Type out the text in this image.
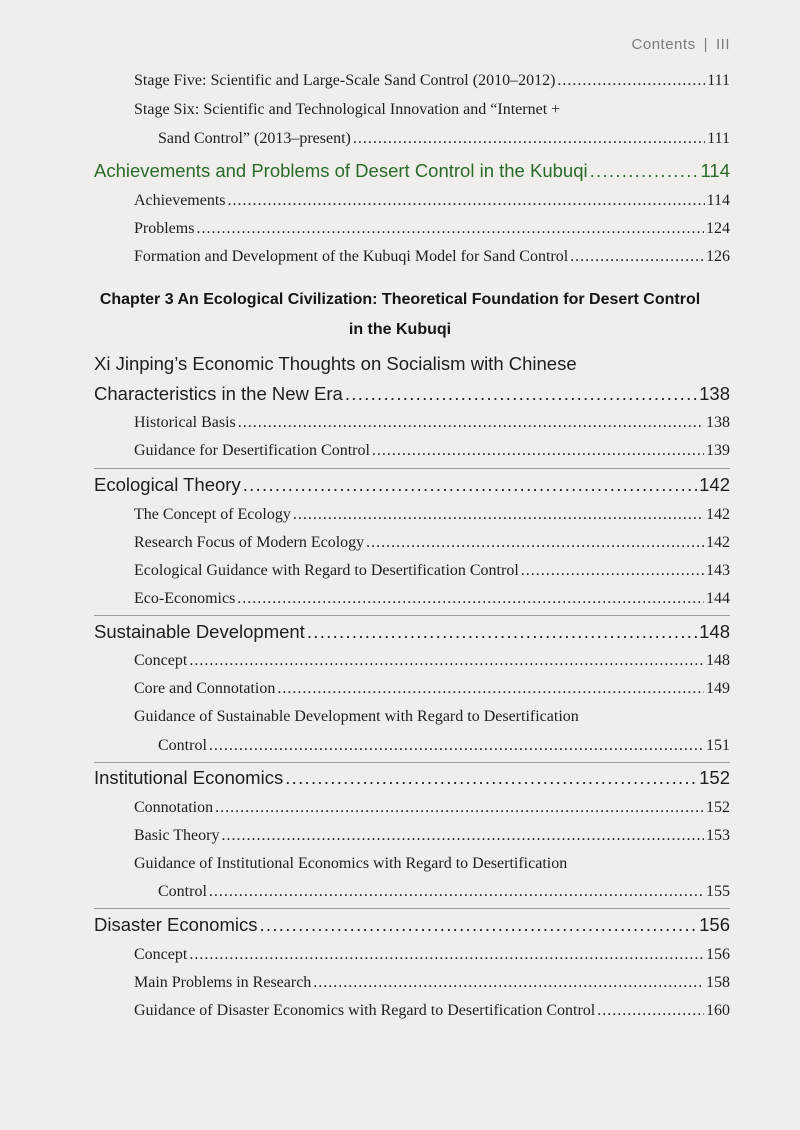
Contents | III
Stage Five: Scientific and Large-Scale Sand Control (2010–2012) .....	111
Stage Six: Scientific and Technological Innovation and “Internet +
Sand Control” (2013–present) .....	111
Achievements and Problems of Desert Control in the Kubuqi .....	114
Achievements .....	114
Problems .....	124
Formation and Development of the Kubuqi Model for Sand Control .....	126
Chapter 3 An Ecological Civilization: Theoretical Foundation for Desert Control
in the Kubuqi
Xi Jinping’s Economic Thoughts on Socialism with Chinese
Characteristics in the New Era .....	138
Historical Basis .....	138
Guidance for Desertification Control .....	139
Ecological Theory .....	142
The Concept of Ecology .....	142
Research Focus of Modern Ecology .....	142
Ecological Guidance with Regard to Desertification Control .....	143
Eco-Economics .....	144
Sustainable Development .....	148
Concept .....	148
Core and Connotation .....	149
Guidance of Sustainable Development with Regard to Desertification
Control .....	151
Institutional Economics .....	152
Connotation .....	152
Basic Theory .....	153
Guidance of Institutional Economics with Regard to Desertification
Control .....	155
Disaster Economics .....	156
Concept .....	156
Main Problems in Research .....	158
Guidance of Disaster Economics with Regard to Desertification Control .....	160
